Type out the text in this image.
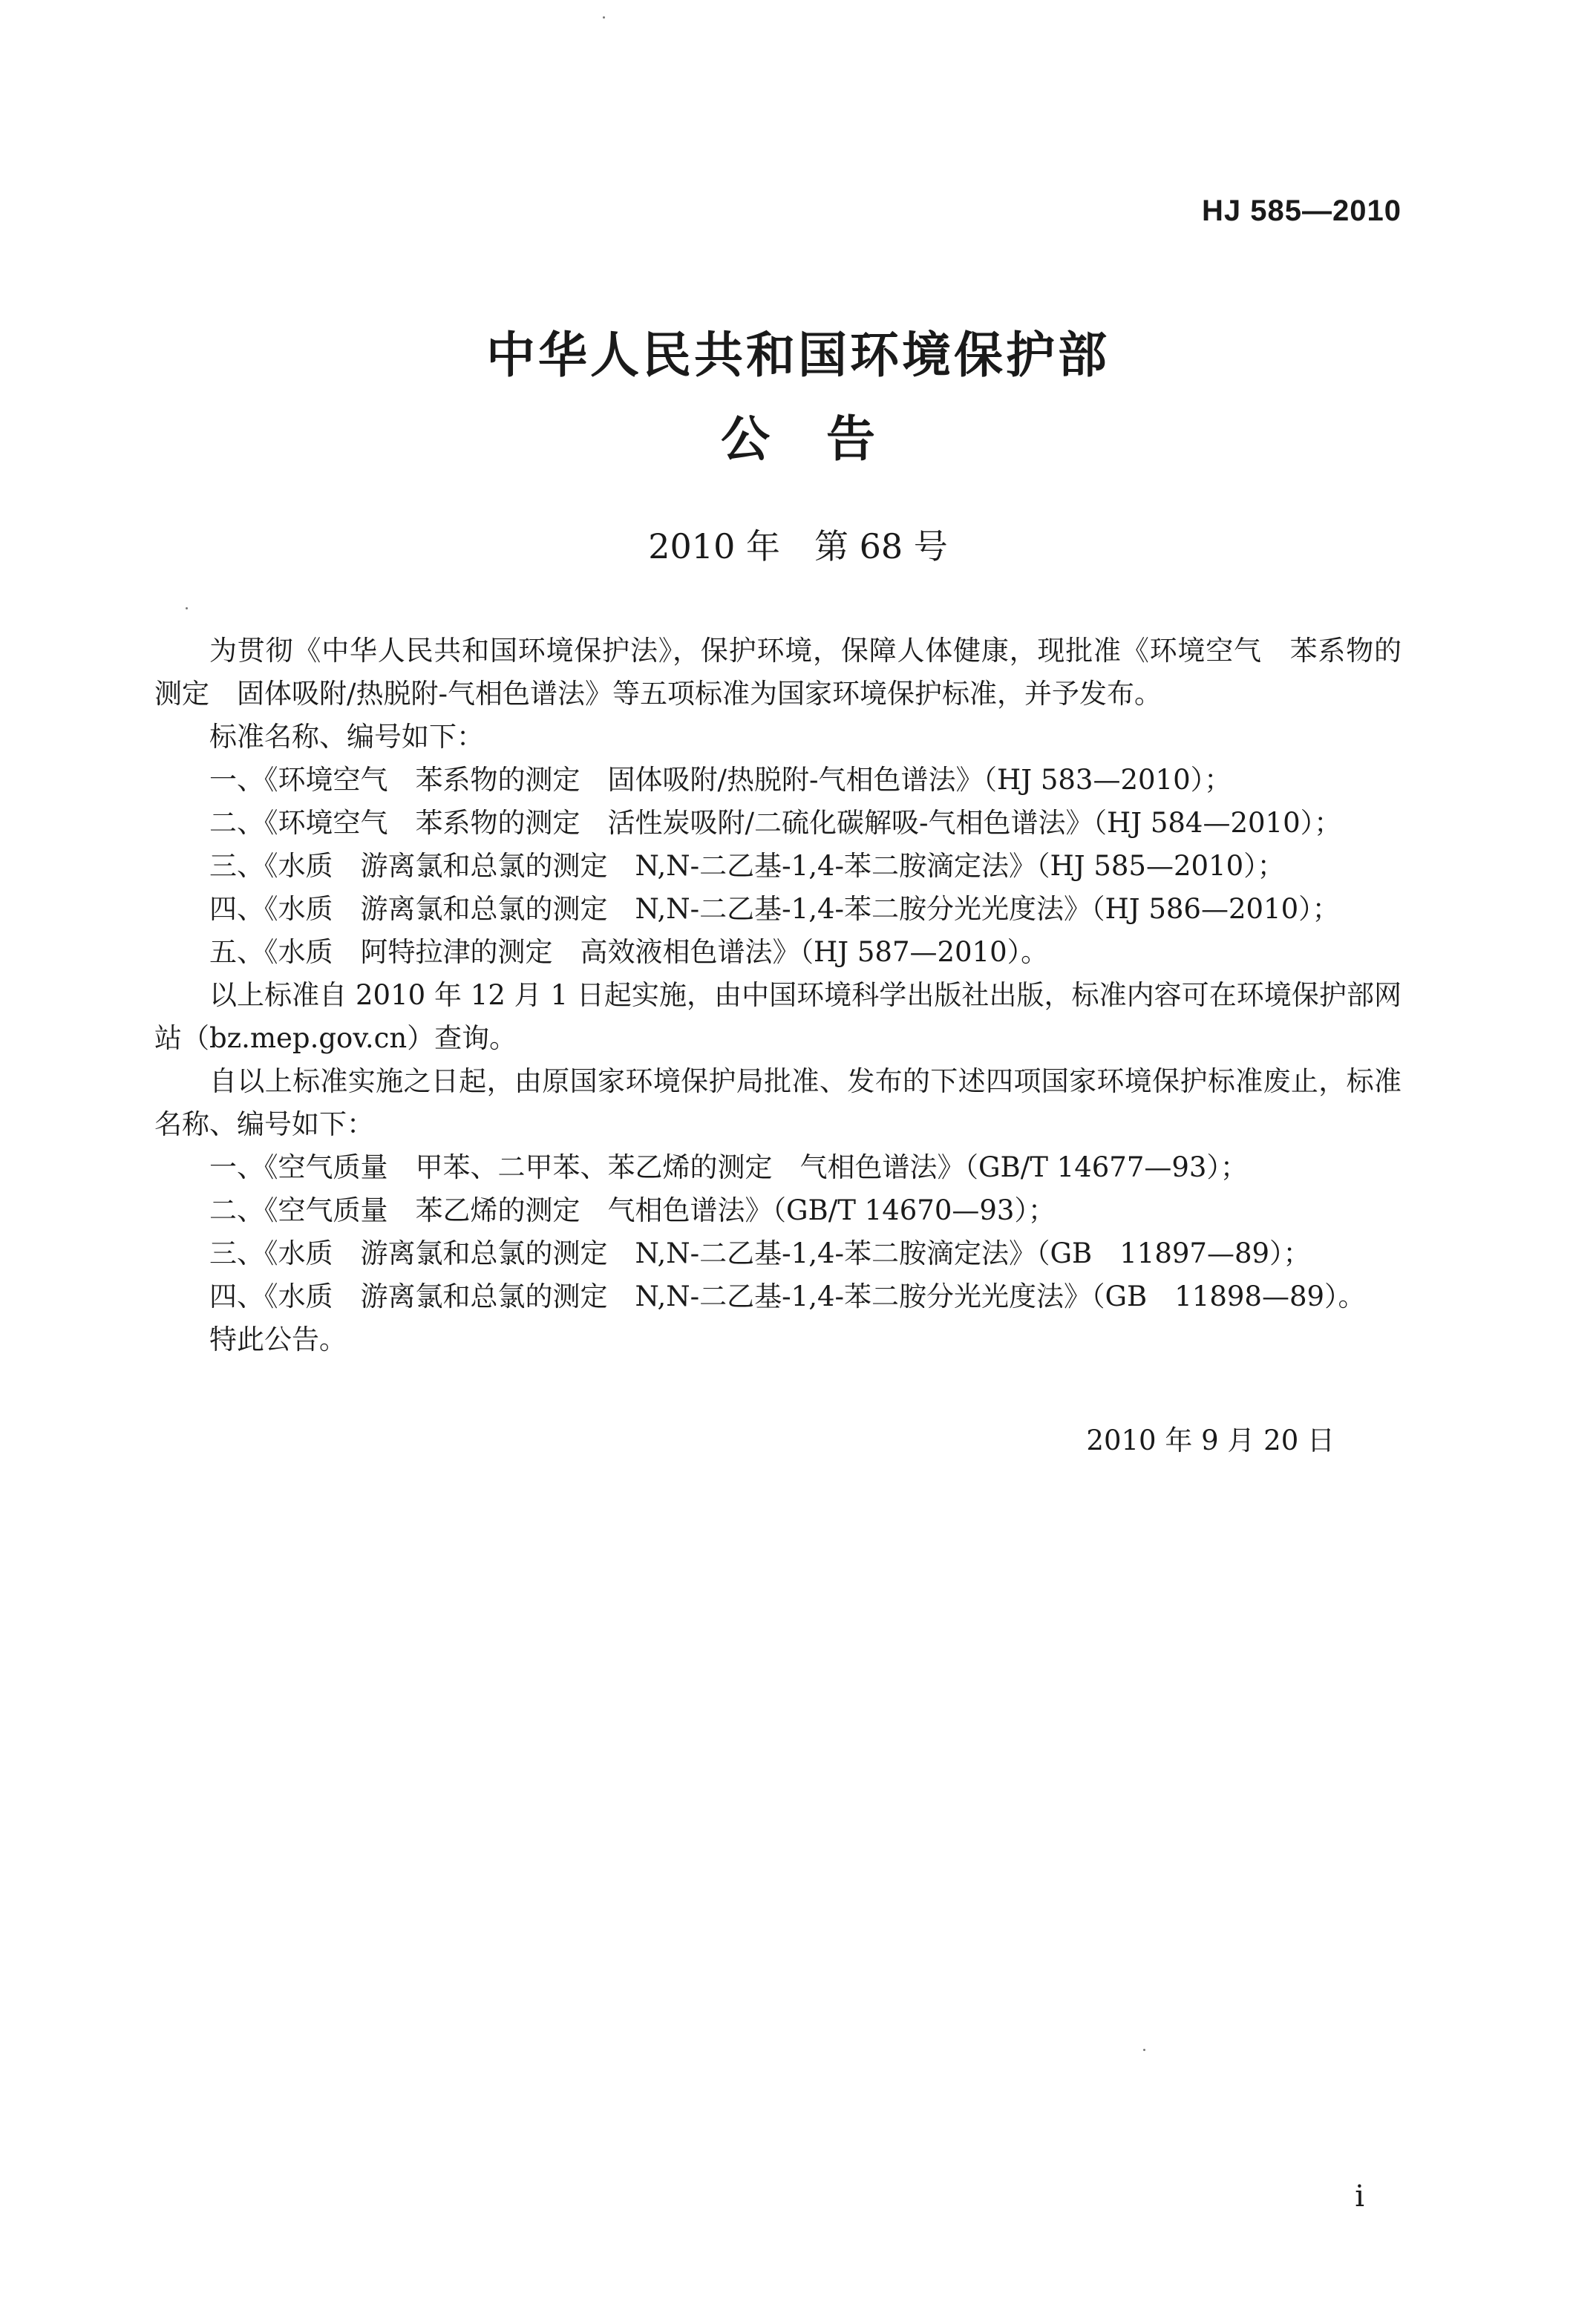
HJ 585—2010
中华人民共和国环境保护部
公 告
2010 年　第 68 号

为贯彻《中华人民共和国环境保护法》，保护环境，保障人体健康，现批准《环境空气　苯系物的测定　固体吸附/热脱附-气相色谱法》等五项标准为国家环境保护标准，并予发布。

标准名称、编号如下：

一、《环境空气　苯系物的测定　固体吸附/热脱附-气相色谱法》（HJ 583—2010）；

二、《环境空气　苯系物的测定　活性炭吸附/二硫化碳解吸-气相色谱法》（HJ 584—2010）；

三、《水质　游离氯和总氯的测定　N,N-二乙基-1,4-苯二胺滴定法》（HJ 585—2010）；

四、《水质　游离氯和总氯的测定　N,N-二乙基-1,4-苯二胺分光光度法》（HJ 586—2010）；

五、《水质　阿特拉津的测定　高效液相色谱法》（HJ 587—2010）。

以上标准自 2010 年 12 月 1 日起实施，由中国环境科学出版社出版，标准内容可在环境保护部网站（bz.mep.gov.cn）查询。

自以上标准实施之日起，由原国家环境保护局批准、发布的下述四项国家环境保护标准废止，标准名称、编号如下：

一、《空气质量　甲苯、二甲苯、苯乙烯的测定　气相色谱法》（GB/T 14677—93）；

二、《空气质量　苯乙烯的测定　气相色谱法》（GB/T 14670—93）；

三、《水质　游离氯和总氯的测定　N,N-二乙基-1,4-苯二胺滴定法》（GB　11897—89）；

四、《水质　游离氯和总氯的测定　N,N-二乙基-1,4-苯二胺分光光度法》（GB　11898—89）。

特此公告。

2010 年 9 月 20 日
i
